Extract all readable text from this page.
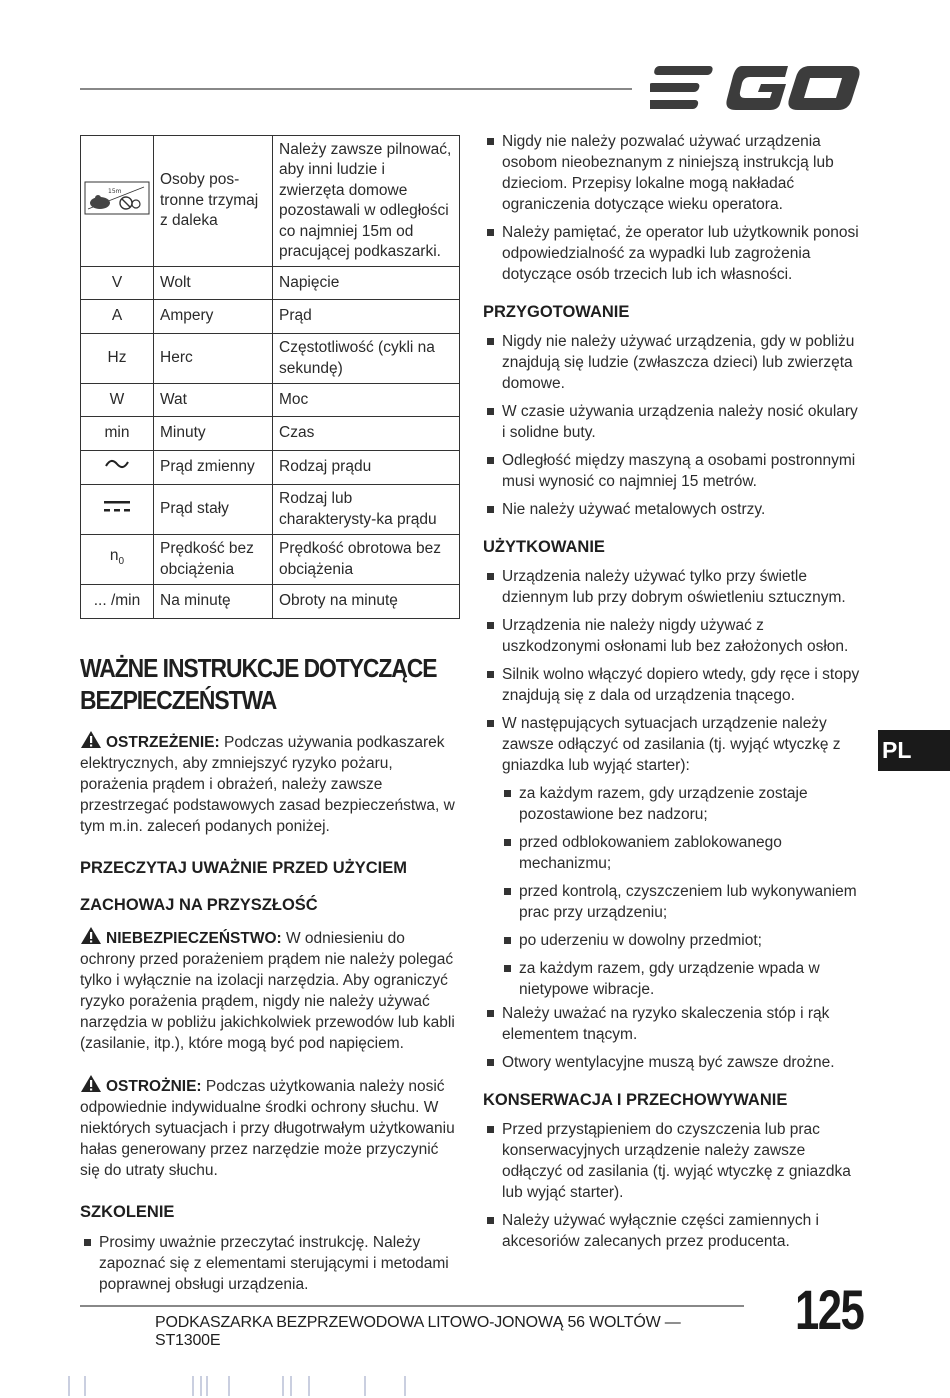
PL
15m	Osoby pos-tronne trzymaj z daleka	Należy zawsze pilnować, aby inni ludzie i zwierzęta domowe pozostawali w odległości co najmniej 15m od pracującej podkaszarki.
V	Wolt	Napięcie
A	Ampery	Prąd
Hz	Herc	Częstotliwość (cykli na sekundę)
W	Wat	Moc
min	Minuty	Czas
	Prąd zmienny	Rodzaj prądu
	Prąd stały	Rodzaj lub charakterysty-ka prądu
$n_0$	Prędkość bez obciążenia	Prędkość obrotowa bez obciążenia
... /min	Na minutę	Obroty na minutę
WAŻNE INSTRUKCJE DOTYCZĄCE BEZPIECZEŃSTWA

OSTRZEŻENIE: Podczas używania podkaszarek elektrycznych, aby zmniejszyć ryzyko pożaru, porażenia prądem i obrażeń, należy zawsze przestrzegać podstawowych zasad bezpieczeństwa, w tym m.in. zaleceń podanych poniżej.

PRZECZYTAJ UWAŻNIE PRZED UŻYCIEM
ZACHOWAJ NA PRZYSZŁOŚĆ

NIEBEZPIECZEŃSTWO: W odniesieniu do ochrony przed porażeniem prądem nie należy polegać tylko i wyłącznie na izolacji narzędzia. Aby ograniczyć ryzyko porażenia prądem, nigdy nie należy używać narzędzia w pobliżu jakichkolwiek przewodów lub kabli (zasilanie, itp.), które mogą być pod napięciem.

OSTROŻNIE: Podczas użytkowania należy nosić odpowiednie indywidualne środki ochrony słuchu. W niektórych sytuacjach i przy długotrwałym użytkowaniu hałas generowany przez narzędzie może przyczynić się do utraty słuchu.

SZKOLENIE
Prosimy uważnie przeczytać instrukcję. Należy zapoznać się z elementami sterującymi i metodami poprawnej obsługi urządzenia.
Nigdy nie należy pozwalać używać urządzenia osobom nieobeznanym z niniejszą instrukcją lub dzieciom. Przepisy lokalne mogą nakładać ograniczenia dotyczące wieku operatora.
Należy pamiętać, że operator lub użytkownik ponosi odpowiedzialność za wypadki lub zagrożenia dotyczące osób trzecich lub ich własności.
PRZYGOTOWANIE
Nigdy nie należy używać urządzenia, gdy w pobliżu znajdują się ludzie (zwłaszcza dzieci) lub zwierzęta domowe.
W czasie używania urządzenia należy nosić okulary i solidne buty.
Odległość między maszyną a osobami postronnymi musi wynosić co najmniej 15 metrów.
Nie należy używać metalowych ostrzy.
UŻYTKOWANIE
Urządzenia należy używać tylko przy świetle dziennym lub przy dobrym oświetleniu sztucznym.
Urządzenia nie należy nigdy używać z uszkodzonymi osłonami lub bez założonych osłon.
Silnik wolno włączyć dopiero wtedy, gdy ręce i stopy znajdują się z dala od urządzenia tnącego.
W następujących sytuacjach urządzenie należy zawsze odłączyć od zasilania (tj. wyjąć wtyczkę z gniazdka lub wyjąć starter):
za każdym razem, gdy urządzenie zostaje pozostawione bez nadzoru;
przed odblokowaniem zablokowanego mechanizmu;
przed kontrolą, czyszczeniem lub wykonywaniem prac przy urządzeniu;
po uderzeniu w dowolny przedmiot;
za każdym razem, gdy urządzenie wpada w nietypowe wibracje.
Należy uważać na ryzyko skaleczenia stóp i rąk elementem tnącym.
Otwory wentylacyjne muszą być zawsze drożne.
KONSERWACJA I PRZECHOWYWANIE
Przed przystąpieniem do czyszczenia lub prac konserwacyjnych urządzenie należy zawsze odłączyć od zasilania (tj. wyjąć wtyczkę z gniazdka lub wyjąć starter).
Należy używać wyłącznie części zamiennych i akcesoriów zalecanych przez producenta.
PODKASZARKA BEZPRZEWODOWA LITOWO-JONOWĄ 56 WOLTÓW — ST1300E	125
